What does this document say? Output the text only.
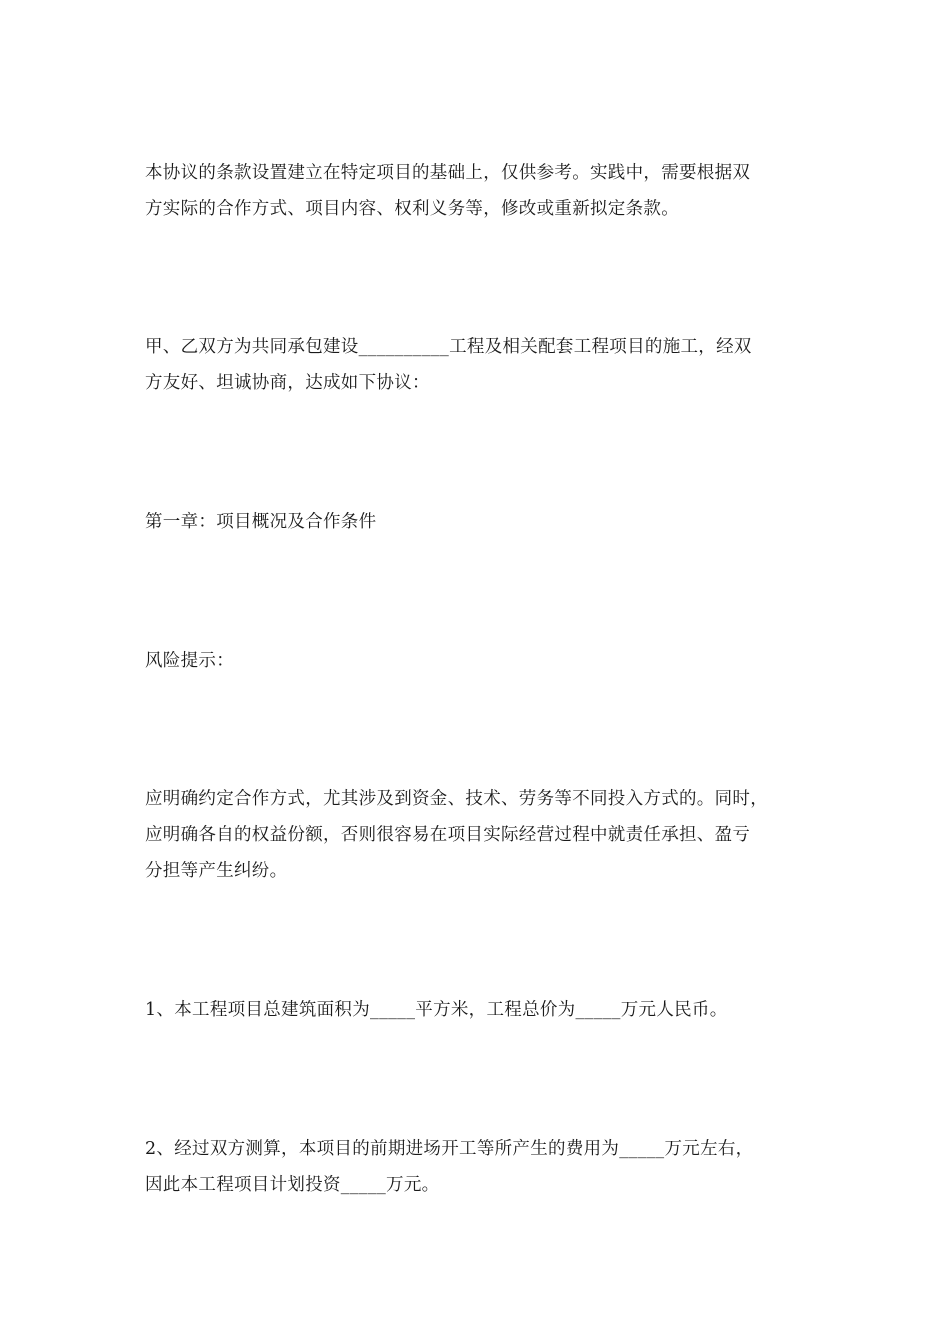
本协议的条款设置建立在特定项目的基础上，仅供参考。实践中，需要根据双
方实际的合作方式、项目内容、权利义务等，修改或重新拟定条款。

甲、乙双方为共同承包建设__________工程及相关配套工程项目的施工，经双
方友好、坦诚协商，达成如下协议：

第一章：项目概况及合作条件

风险提示：

应明确约定合作方式，尤其涉及到资金、技术、劳务等不同投入方式的。同时，
应明确各自的权益份额，否则很容易在项目实际经营过程中就责任承担、盈亏
分担等产生纠纷。

1、本工程项目总建筑面积为_____平方米，工程总价为_____万元人民币。

2、经过双方测算，本项目的前期进场开工等所产生的费用为_____万元左右，
因此本工程项目计划投资_____万元。
